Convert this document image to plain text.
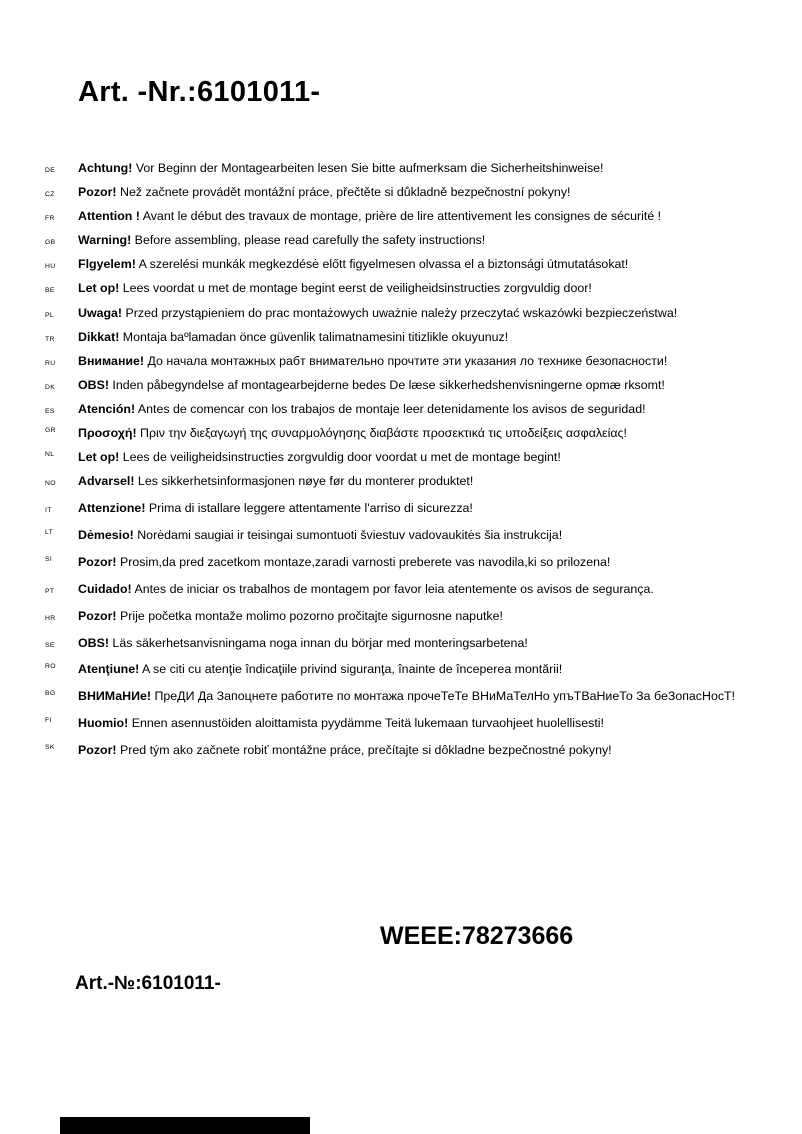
Art. -Nr.:6101011-
DE	Achtung! Vor Beginn der Montagearbeiten lesen Sie bitte aufmerksam die Sicherheitshinweise!
CZ	Pozor! Než začnete provádět montážní práce, přečtěte si důkladně bezpečnostní pokyny!
FR	Attention ! Avant le début des travaux de montage, prière de lire attentivement les consignes de sécurité !
GB	Warning! Before assembling, please read carefully the safety instructions!
HU	Flgyelem! A szerelési munkák megkezdésė előtt figyelmesen olvassa el a biztonsági útmutatásokat!
BE	Let op! Lees voordat u met de montage begint eerst de veiligheidsinstructies zorgvuldig door!
PL	Uwaga! Przed przystąpieniem do prac montażowych uważnie należy przeczytać wskazówki bezpieczeństwa!
TR	Dikkat! Montaja baºlamadan önce güvenlik talimatnamesini titizlikle okuyunuz!
RU	Внимание! До начала монтажных рабт внимательно прочтите эти указания ло технике безопасности!
DK	OBS! Inden påbegyndelse af montagearbejderne bedes De læse sikkerhedshenvisningerne opmæ rksomt!
ES	Atención! Antes de comencar con los trabajos de montaje leer detenidamente los avisos de seguridad!
GR	Προσοχή! Πριν την διεξαγωγή της συναρμολόγησης διαβάστε προσεκτικά τις υποδείξεις ασφαλείας!
NL	Let op! Lees de veiligheidsinstructies zorgvuldig door voordat u met de montage begint!
NO	Advarsel! Les sikkerhetsinformasjonen nøye før du monterer produktet!
IT	Attenzione! Prima di istallare leggere attentamente l'arriso di sicurezza!
LT	Dėmesio! Norėdami saugiai ir teisingai sumontuoti šviestuv vadovaukitės šia instrukcija!
SI	Pozor! Prosim,da pred zacetkom montaze,zaradi varnosti preberete vas navodila,ki so prilozena!
PT	Cuidado! Antes de iniciar os trabalhos de montagem por favor leia atentemente os avisos de segurança.
HR	Pozor! Prije početka montaže molimo pozorno pročitajte sigurnosne naputke!
SE	OBS! Läs säkerhetsanvisningama noga innan du börjar med monteringsarbetena!
RO	Atenţiune! A se citi cu atenţie îndicaţiile privind siguranţa, înainte de începerea montării!
BG	ВНИМаНИе! ПреДИ Да Запоцнете работите по монтажа прочеТеТе ВНиМаТелНо упъТВаНиеТо За беЗопасНосТ!
FI	Huomio! Ennen asennustöiden aloittamista pyydämme Teitä lukemaan turvaohjeet huolellisesti!
SK	Pozor! Pred tým ako začnete robiť montážne práce, prečítajte si dôkladne bezpečnostné pokyny!
WEEE:78273666
Art.-№:6101011-
